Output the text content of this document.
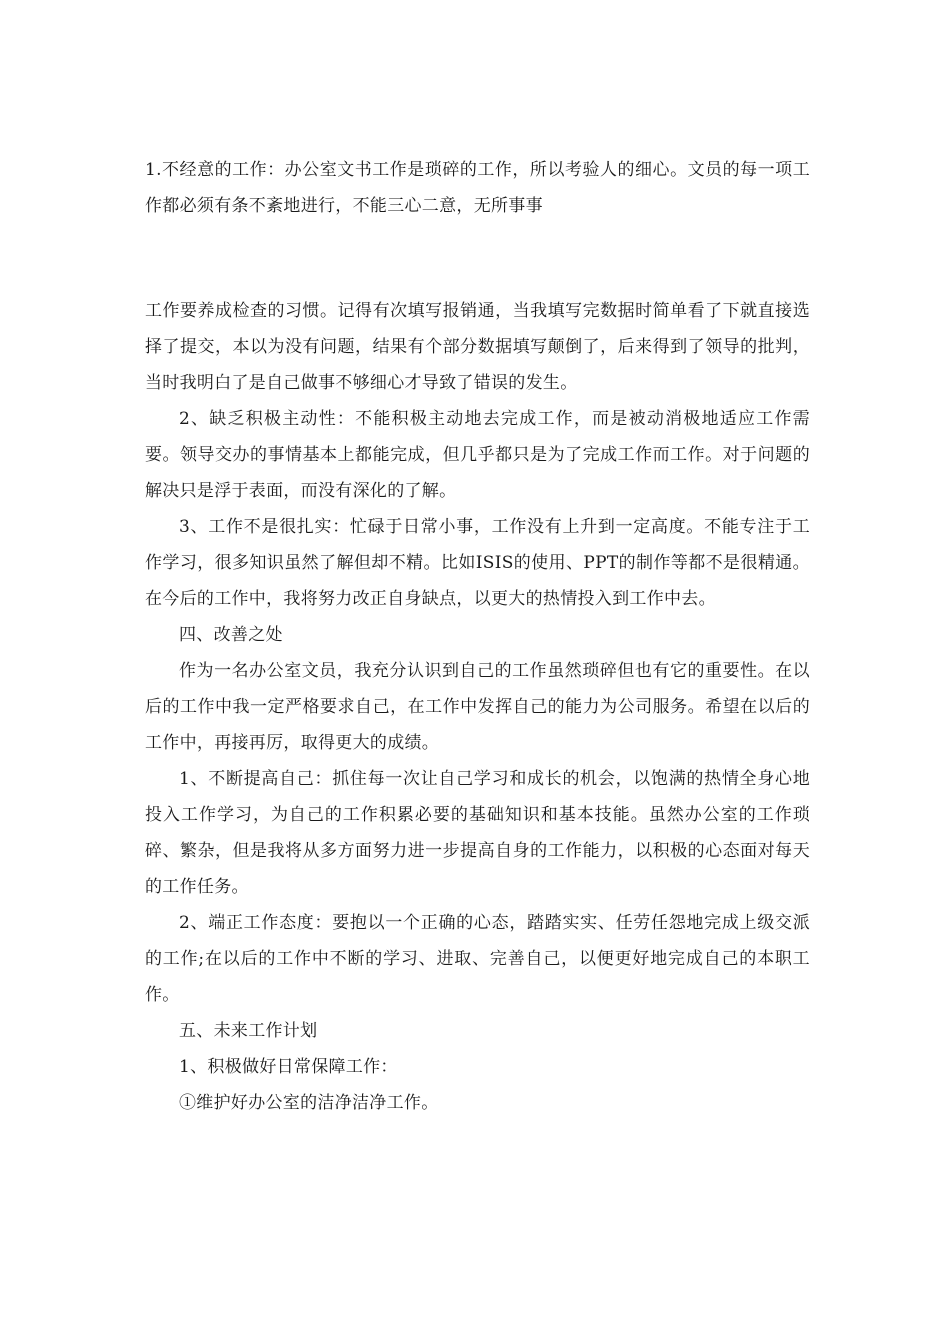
1.不经意的工作：办公室文书工作是琐碎的工作，所以考验人的细心。文员的每一项工作都必须有条不紊地进行，不能三心二意，无所事事

工作要养成检查的习惯。记得有次填写报销通，当我填写完数据时简单看了下就直接选择了提交，本以为没有问题，结果有个部分数据填写颠倒了，后来得到了领导的批判，当时我明白了是自己做事不够细心才导致了错误的发生。

2、缺乏积极主动性：不能积极主动地去完成工作，而是被动消极地适应工作需要。领导交办的事情基本上都能完成，但几乎都只是为了完成工作而工作。对于问题的解决只是浮于表面，而没有深化的了解。

3、工作不是很扎实：忙碌于日常小事，工作没有上升到一定高度。不能专注于工作学习，很多知识虽然了解但却不精。比如ISIS的使用、PPT的制作等都不是很精通。在今后的工作中，我将努力改正自身缺点，以更大的热情投入到工作中去。

四、改善之处

作为一名办公室文员，我充分认识到自己的工作虽然琐碎但也有它的重要性。在以后的工作中我一定严格要求自己，在工作中发挥自己的能力为公司服务。希望在以后的工作中，再接再厉，取得更大的成绩。

1、不断提高自己：抓住每一次让自己学习和成长的机会，以饱满的热情全身心地投入工作学习，为自己的工作积累必要的基础知识和基本技能。虽然办公室的工作琐碎、繁杂，但是我将从多方面努力进一步提高自身的工作能力，以积极的心态面对每天的工作任务。

2、端正工作态度：要抱以一个正确的心态，踏踏实实、任劳任怨地完成上级交派的工作;在以后的工作中不断的学习、进取、完善自己，以便更好地完成自己的本职工作。

五、未来工作计划

1、积极做好日常保障工作：

①维护好办公室的洁净洁净工作。
